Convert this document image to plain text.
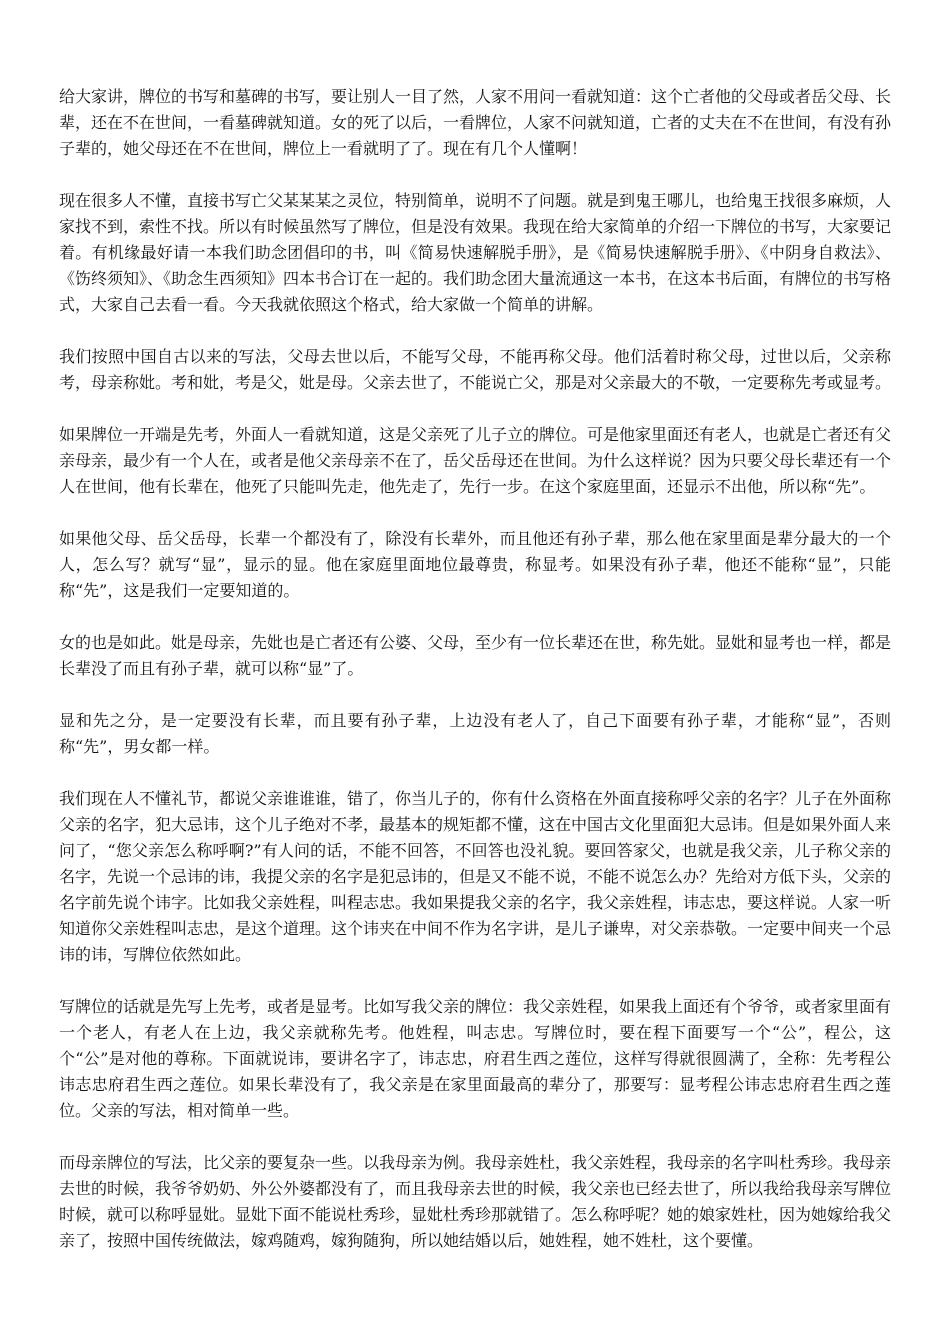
给大家讲，牌位的书写和墓碑的书写，要让别人一目了然，人家不用问一看就知道：这个亡者他的父母或者岳父母、长辈，还在不在世间，一看墓碑就知道。女的死了以后，一看牌位，人家不问就知道，亡者的丈夫在不在世间，有没有孙子辈的，她父母还在不在世间，牌位上一看就明了了。现在有几个人懂啊！

现在很多人不懂，直接书写亡父某某某之灵位，特别简单，说明不了问题。就是到鬼王哪儿，也给鬼王找很多麻烦，人家找不到，索性不找。所以有时候虽然写了牌位，但是没有效果。我现在给大家简单的介绍一下牌位的书写，大家要记着。有机缘最好请一本我们助念团倡印的书，叫《简易快速解脱手册》，是《简易快速解脱手册》、《中阴身自救法》、《饬终须知》、《助念生西须知》四本书合订在一起的。我们助念团大量流通这一本书，在这本书后面，有牌位的书写格式，大家自己去看一看。今天我就依照这个格式，给大家做一个简单的讲解。

我们按照中国自古以来的写法，父母去世以后，不能写父母，不能再称父母。他们活着时称父母，过世以后，父亲称考，母亲称妣。考和妣，考是父，妣是母。父亲去世了，不能说亡父，那是对父亲最大的不敬，一定要称先考或显考。

如果牌位一开端是先考，外面人一看就知道，这是父亲死了儿子立的牌位。可是他家里面还有老人，也就是亡者还有父亲母亲，最少有一个人在，或者是他父亲母亲不在了，岳父岳母还在世间。为什么这样说？因为只要父母长辈还有一个人在世间，他有长辈在，他死了只能叫先走，他先走了，先行一步。在这个家庭里面，还显示不出他，所以称“先”。

如果他父母、岳父岳母，长辈一个都没有了，除没有长辈外，而且他还有孙子辈，那么他在家里面是辈分最大的一个人，怎么写？就写“显”，显示的显。他在家庭里面地位最尊贵，称显考。如果没有孙子辈，他还不能称“显”，只能称“先”，这是我们一定要知道的。

女的也是如此。妣是母亲，先妣也是亡者还有公婆、父母，至少有一位长辈还在世，称先妣。显妣和显考也一样，都是长辈没了而且有孙子辈，就可以称“显”了。

显和先之分，是一定要没有长辈，而且要有孙子辈，上边没有老人了，自己下面要有孙子辈，才能称“显”，否则称“先”，男女都一样。

我们现在人不懂礼节，都说父亲谁谁谁，错了，你当儿子的，你有什么资格在外面直接称呼父亲的名字？儿子在外面称父亲的名字，犯大忌讳，这个儿子绝对不孝，最基本的规矩都不懂，这在中国古文化里面犯大忌讳。但是如果外面人来问了，“您父亲怎么称呼啊?”有人问的话，不能不回答，不回答也没礼貌。要回答家父，也就是我父亲，儿子称父亲的名字，先说一个忌讳的讳，我提父亲的名字是犯忌讳的，但是又不能不说，不能不说怎么办？先给对方低下头，父亲的名字前先说个讳字。比如我父亲姓程，叫程志忠。我如果提我父亲的名字，我父亲姓程，讳志忠，要这样说。人家一听知道你父亲姓程叫志忠，是这个道理。这个讳夹在中间不作为名字讲，是儿子谦卑，对父亲恭敬。一定要中间夹一个忌讳的讳，写牌位依然如此。

写牌位的话就是先写上先考，或者是显考。比如写我父亲的牌位：我父亲姓程，如果我上面还有个爷爷，或者家里面有一个老人，有老人在上边，我父亲就称先考。他姓程，叫志忠。写牌位时，要在程下面要写一个“公”，程公，这个“公”是对他的尊称。下面就说讳，要讲名字了，讳志忠，府君生西之莲位，这样写得就很圆满了，全称：先考程公讳志忠府君生西之莲位。如果长辈没有了，我父亲是在家里面最高的辈分了，那要写：显考程公讳志忠府君生西之莲位。父亲的写法，相对简单一些。

而母亲牌位的写法，比父亲的要复杂一些。以我母亲为例。我母亲姓杜，我父亲姓程，我母亲的名字叫杜秀珍。我母亲去世的时候，我爷爷奶奶、外公外婆都没有了，而且我母亲去世的时候，我父亲也已经去世了，所以我给我母亲写牌位时候，就可以称呼显妣。显妣下面不能说杜秀珍，显妣杜秀珍那就错了。怎么称呼呢？她的娘家姓杜，因为她嫁给我父亲了，按照中国传统做法，嫁鸡随鸡，嫁狗随狗，所以她结婚以后，她姓程，她不姓杜，这个要懂。
